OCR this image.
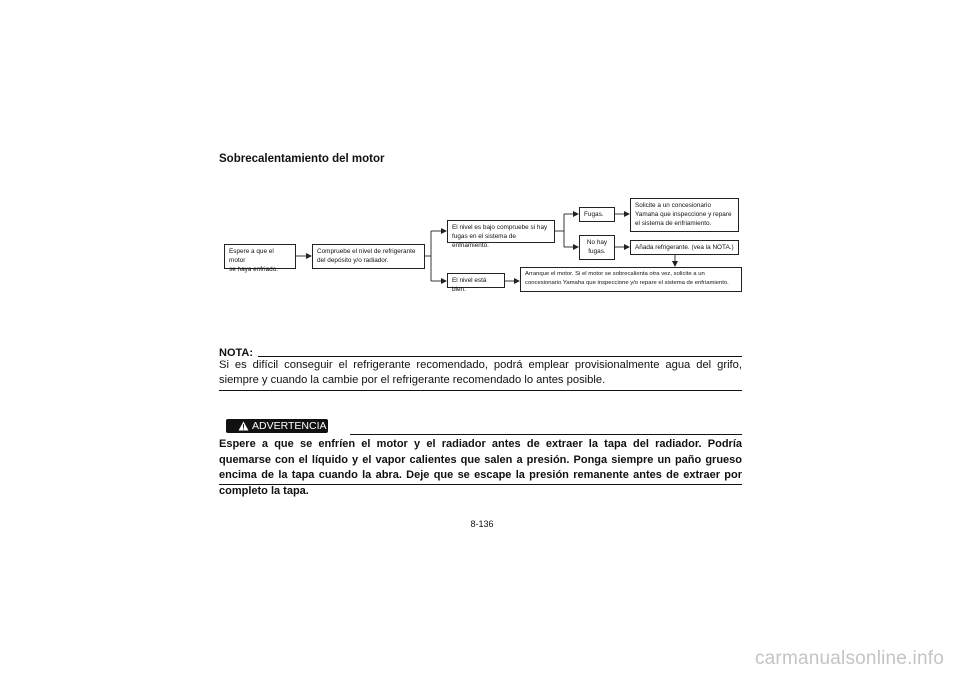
Sobrecalentamiento del motor
Espere a que el motor
se haya enfriado.
Compruebe el nivel de refrigerante
del depósito y/o radiador.
El nivel es bajo compruebe si hay
fugas en el sistema de enfriamiento.
El nivel está bien.
Fugas.
No hay
fugas.
Solicite a un concesionario
Yamaha que inspeccione y repare
el sistema de enfriamiento.
Añada refrigerante. (vea la NOTA.)
Arranque el motor. Si el motor se sobrecalienta otra vez, solicite a un
concesionario Yamaha que inspeccione y/o repare el sistema de enfriamiento.
NOTA:
Si es difícil conseguir el refrigerante recomendado, podrá emplear provisionalmente agua del grifo, siempre y cuando la cambie por el refrigerante recomendado lo antes posible.
ADVERTENCIA
Espere a que se enfríen el motor y el radiador antes de extraer la tapa del radiador. Podría quemarse con el líquido y el vapor calientes que salen a presión. Ponga siempre un paño grueso encima de la tapa cuando la abra. Deje que se escape la presión remanente antes de extraer por completo la tapa.
8-136
carmanualsonline.info
